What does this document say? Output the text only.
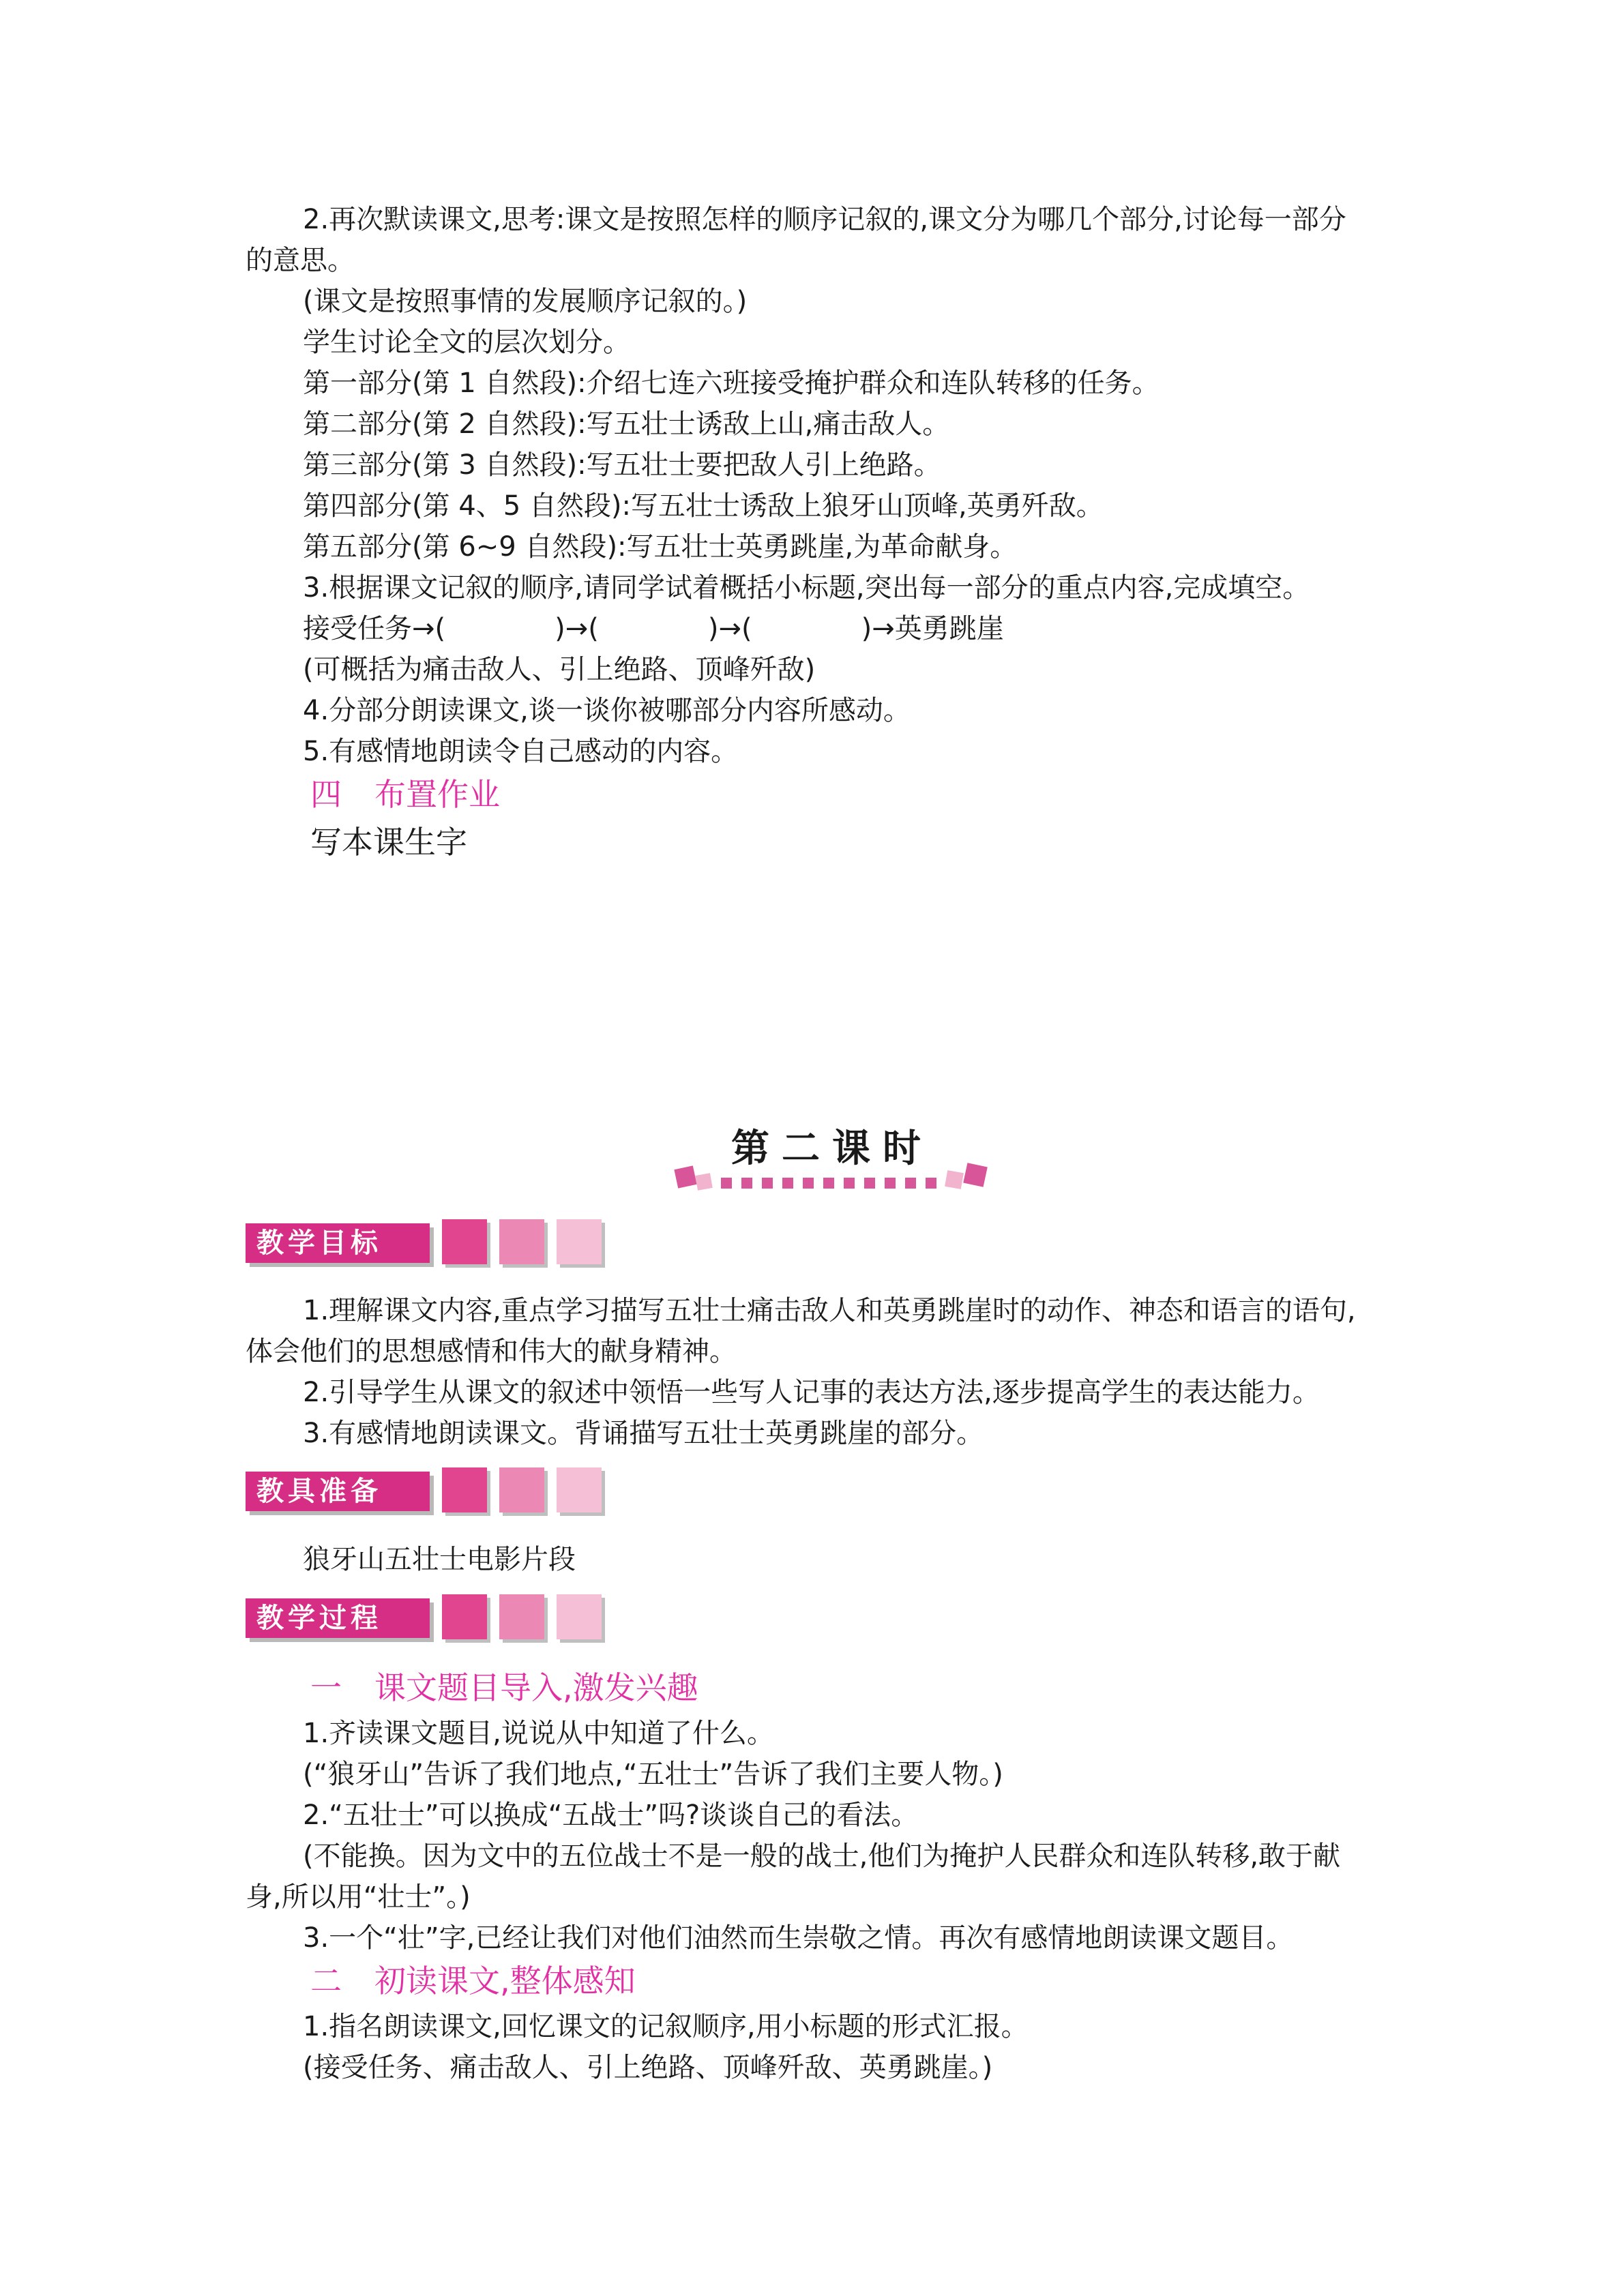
2.再次默读课文,思考:课文是按照怎样的顺序记叙的,课文分为哪几个部分,讨论每一部分的意思。

(课文是按照事情的发展顺序记叙的。)

学生讨论全文的层次划分。

第一部分(第 1 自然段):介绍七连六班接受掩护群众和连队转移的任务。

第二部分(第 2 自然段):写五壮士诱敌上山,痛击敌人。

第三部分(第 3 自然段):写五壮士要把敌人引上绝路。

第四部分(第 4、5 自然段):写五壮士诱敌上狼牙山顶峰,英勇歼敌。

第五部分(第 6~9 自然段):写五壮士英勇跳崖,为革命献身。

3.根据课文记叙的顺序,请同学试着概括小标题,突出每一部分的重点内容,完成填空。

接受任务→(	)→(	)→(	)→英勇跳崖

(可概括为痛击敌人、引上绝路、顶峰歼敌)

4.分部分朗读课文,谈一谈你被哪部分内容所感动。

5.有感情地朗读令自己感动的内容。

四 布置作业

写本课生字

第二课时

教学目标

1.理解课文内容,重点学习描写五壮士痛击敌人和英勇跳崖时的动作、神态和语言的语句,体会他们的思想感情和伟大的献身精神。

2.引导学生从课文的叙述中领悟一些写人记事的表达方法,逐步提高学生的表达能力。

3.有感情地朗读课文。背诵描写五壮士英勇跳崖的部分。

教具准备

狼牙山五壮士电影片段

教学过程

一 课文题目导入,激发兴趣

1.齐读课文题目,说说从中知道了什么。

(“狼牙山”告诉了我们地点,“五壮士”告诉了我们主要人物。)

2.“五壮士”可以换成“五战士”吗?谈谈自己的看法。

(不能换。因为文中的五位战士不是一般的战士,他们为掩护人民群众和连队转移,敢于献身,所以用“壮士”。)

3.一个“壮”字,已经让我们对他们油然而生崇敬之情。再次有感情地朗读课文题目。

二 初读课文,整体感知

1.指名朗读课文,回忆课文的记叙顺序,用小标题的形式汇报。

(接受任务、痛击敌人、引上绝路、顶峰歼敌、英勇跳崖。)
